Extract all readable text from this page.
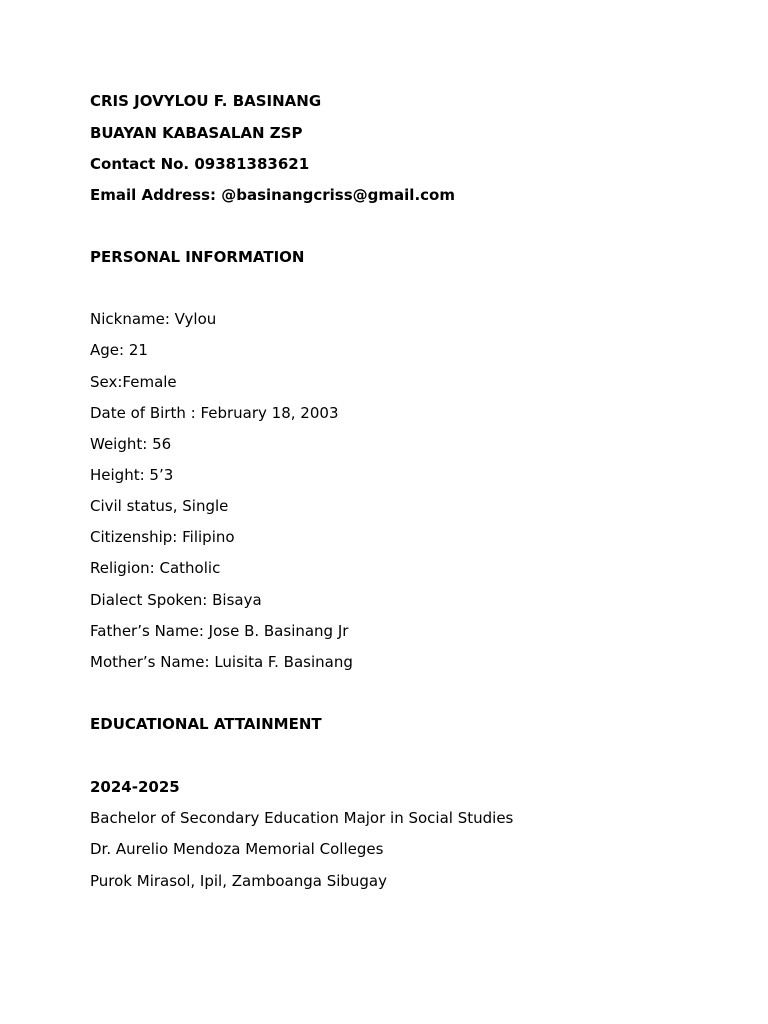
CRIS JOVYLOU F. BASINANG
BUAYAN KABASALAN ZSP
Contact No. 09381383621
Email Address: @basinangcriss@gmail.com
PERSONAL INFORMATION
Nickname: Vylou
Age: 21
Sex:Female
Date of Birth : February 18, 2003
Weight: 56
Height: 5’3
Civil status, Single
Citizenship: Filipino
Religion: Catholic
Dialect Spoken: Bisaya
Father’s Name: Jose B. Basinang Jr
Mother’s Name: Luisita F. Basinang
EDUCATIONAL ATTAINMENT
2024-2025
Bachelor of Secondary Education Major in Social Studies
Dr. Aurelio Mendoza Memorial Colleges
Purok Mirasol, Ipil, Zamboanga Sibugay
